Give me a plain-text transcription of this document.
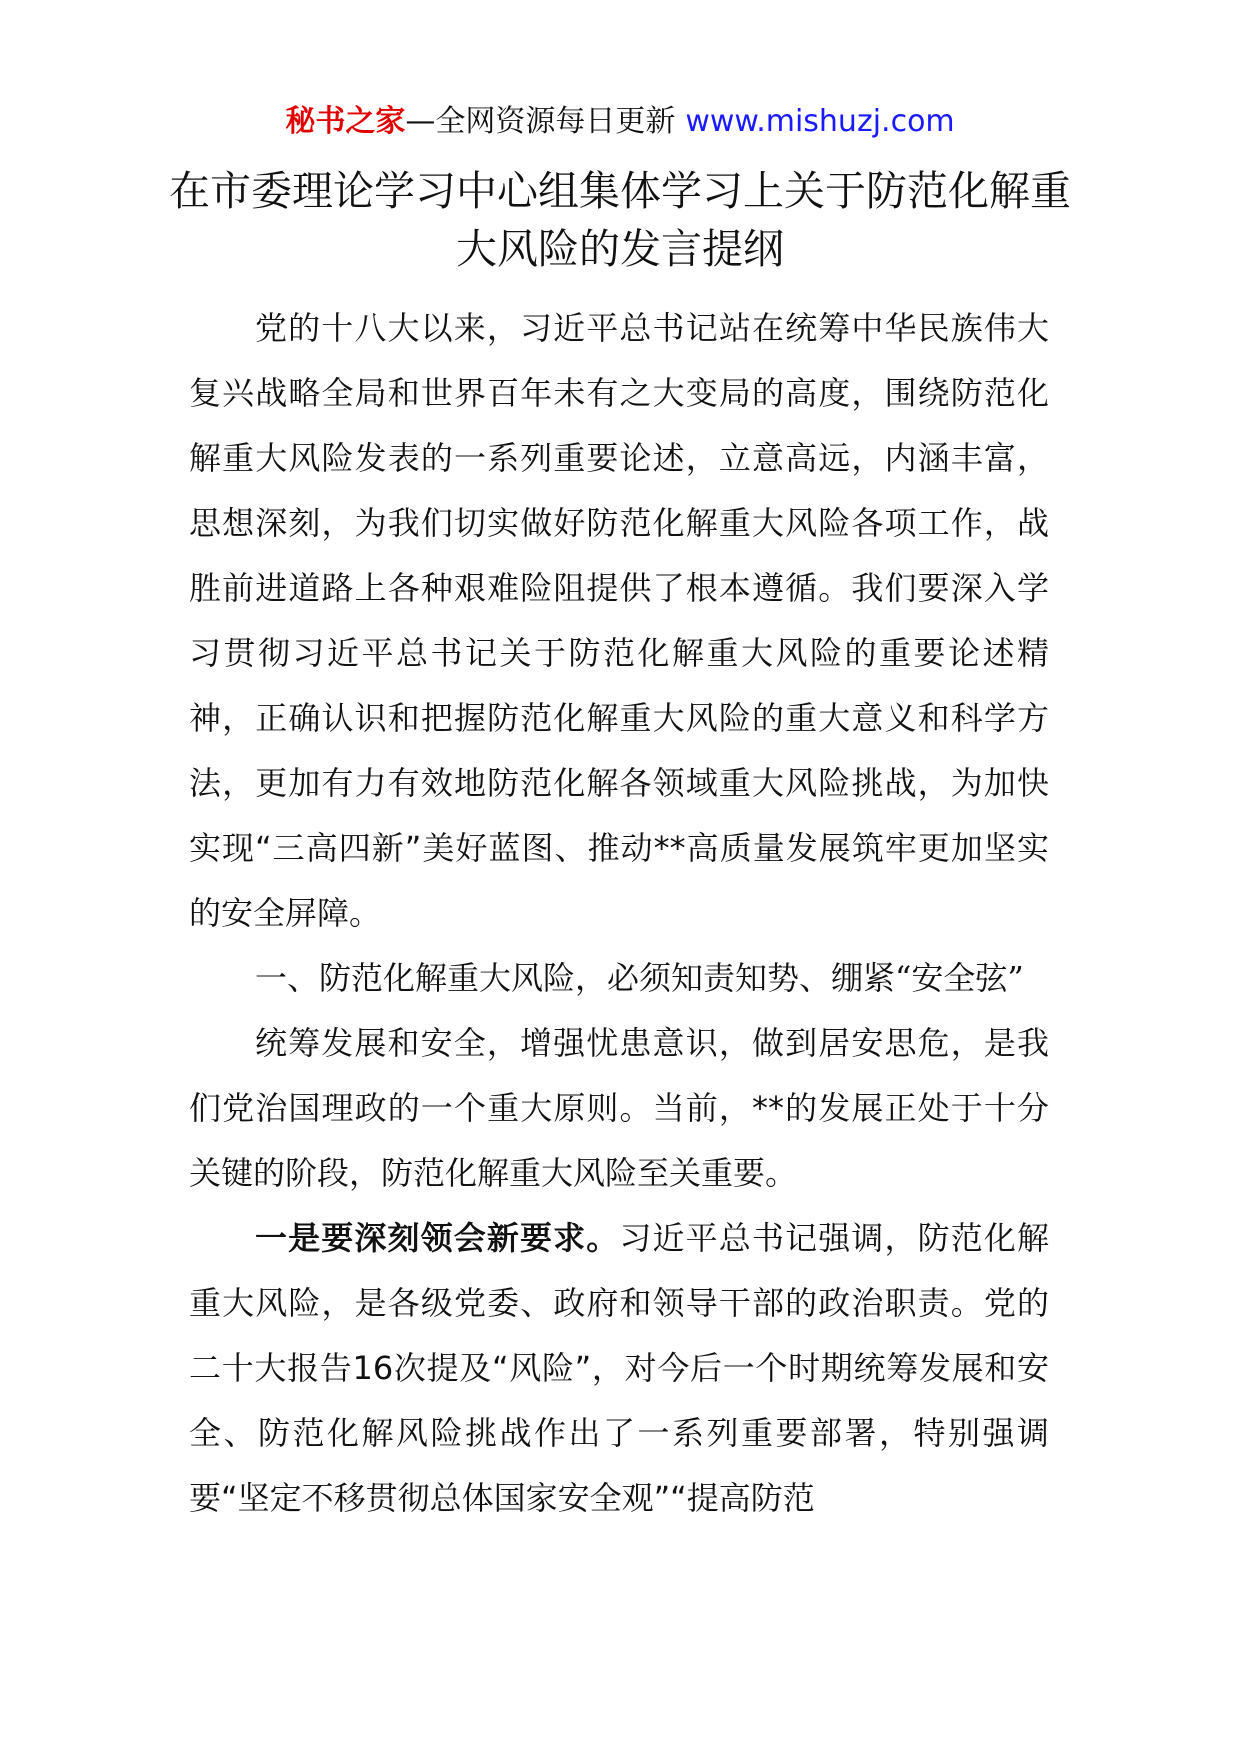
秘书之家—全网资源每日更新 www.mishuzj.com
在市委理论学习中心组集体学习上关于防范化解重大风险的发言提纲

党的十八大以来，习近平总书记站在统筹中华民族伟大复兴战略全局和世界百年未有之大变局的高度，围绕防范化解重大风险发表的一系列重要论述，立意高远，内涵丰富，思想深刻，为我们切实做好防范化解重大风险各项工作，战胜前进道路上各种艰难险阻提供了根本遵循。我们要深入学习贯彻习近平总书记关于防范化解重大风险的重要论述精神，正确认识和把握防范化解重大风险的重大意义和科学方法，更加有力有效地防范化解各领域重大风险挑战，为加快实现“三高四新”美好蓝图、推动**高质量发展筑牢更加坚实的安全屏障。

一、防范化解重大风险，必须知责知势、绷紧“安全弦”

统筹发展和安全，增强忧患意识，做到居安思危，是我们党治国理政的一个重大原则。当前，**的发展正处于十分关键的阶段，防范化解重大风险至关重要。

一是要深刻领会新要求。习近平总书记强调，防范化解重大风险，是各级党委、政府和领导干部的政治职责。党的二十大报告16次提及“风险”，对今后一个时期统筹发展和安全、防范化解风险挑战作出了一系列重要部署，特别强调要“坚定不移贯彻总体国家安全观”“提高防范
